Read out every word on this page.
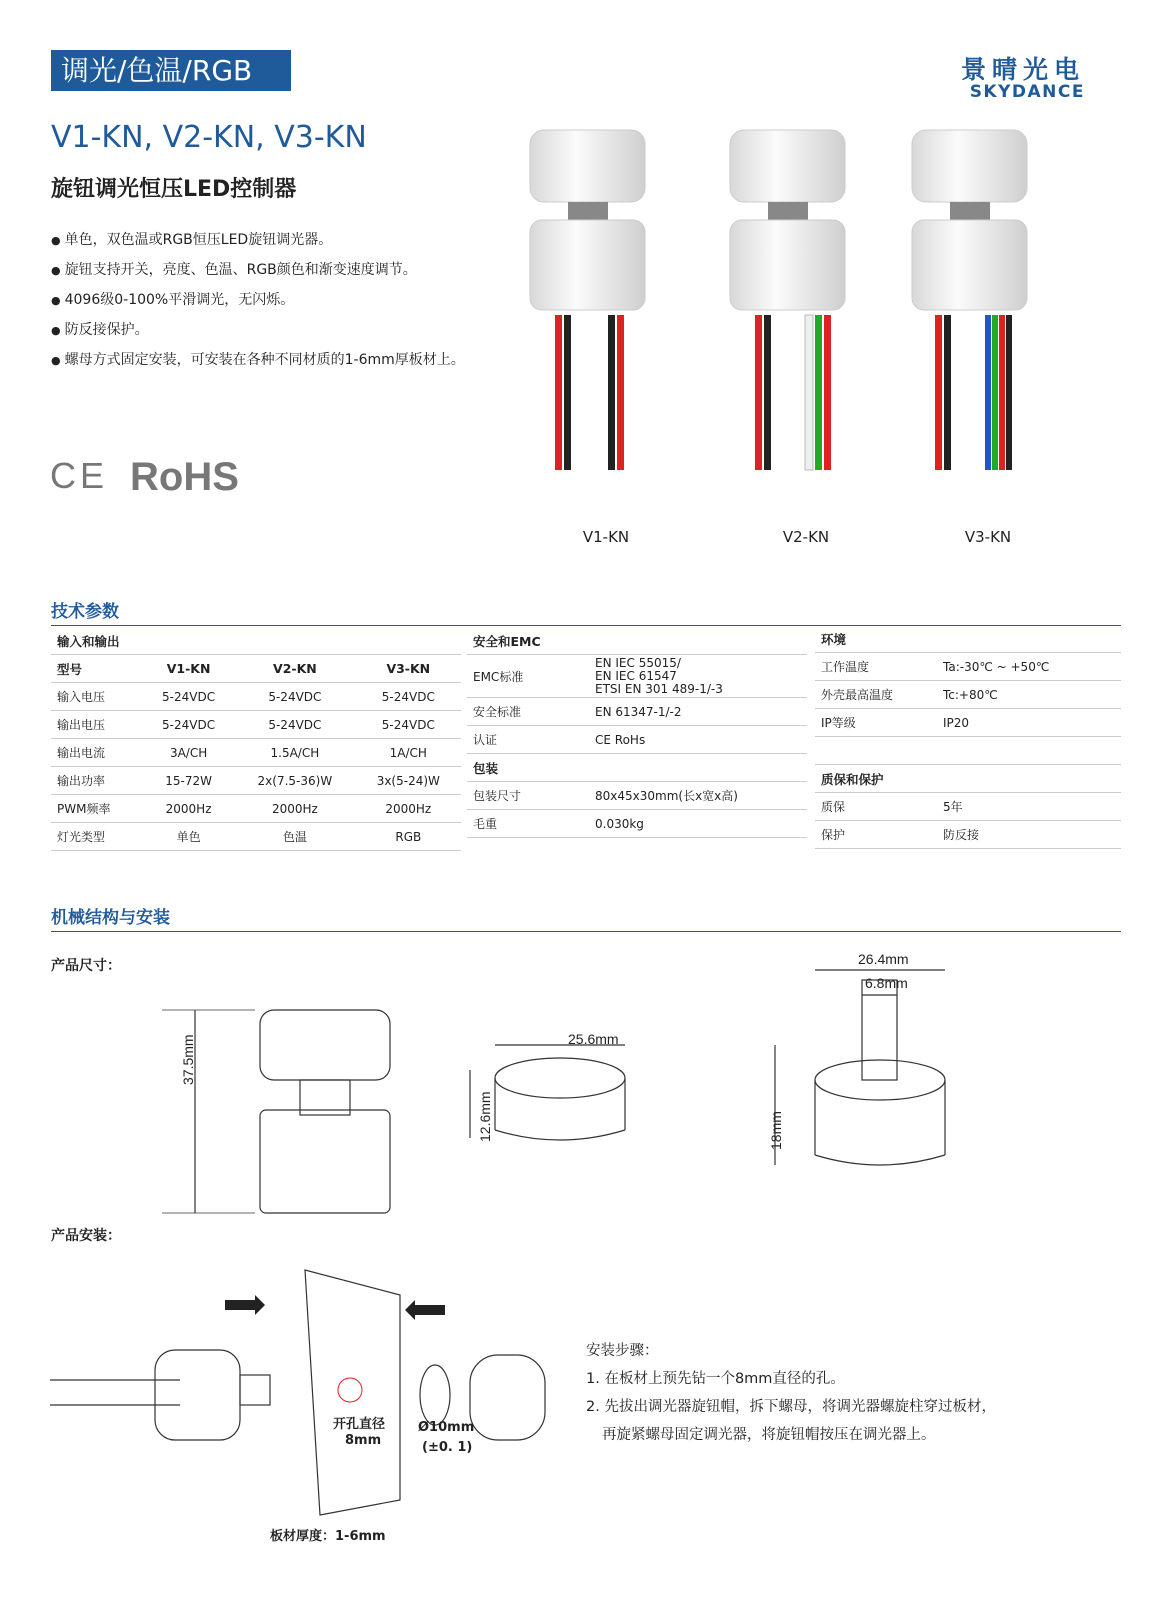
调光/色温/RGB	景晴光电
SKYDANCE
V1-KN, V2-KN, V3-KN
旋钮调光恒压LED控制器
● 单色，双色温或RGB恒压LED旋钮调光器。
● 旋钮支持开关，亮度、色温、RGB颜色和渐变速度调节。
● 4096级0-100%平滑调光，无闪烁。
● 防反接保护。
● 螺母方式固定安装，可安装在各种不同材质的1-6mm厚板材上。
CE RoHS
V1-KN	V2-KN	V3-KN
技术参数
输入和输出			
型号	V1-KN	V2-KN	V3-KN
输入电压	5-24VDC	5-24VDC	5-24VDC
输出电压	5-24VDC	5-24VDC	5-24VDC
输出电流	3A/CH	1.5A/CH	1A/CH
输出功率	15-72W	2x(7.5-36)W	3x(5-24)W
PWM频率	2000Hz	2000Hz	2000Hz
灯光类型	单色	色温	RGB
安全和EMC	
EMC标准	EN IEC 55015/
EN IEC 61547
ETSI EN 301 489-1/-3

安全标准	EN 61347-1/-2
认证	CE RoHs
包装	
包装尺寸	80x45x30mm(长x宽x高)
毛重	0.030kg
环境	
工作温度	Ta:-30℃ ~ +50℃
外壳最高温度	Tc:+80℃
IP等级	IP20

质保和保护	
质保	5年
保护	防反接
机械结构与安装
产品尺寸：
37.5mm	25.6mm
12.6mm
26.4mm
6.8mm
18mm
产品安装：
开孔直径
8mm
Ø10mm
(±0. 1)
板材厚度：1-6mm
安装步骤：
1. 在板材上预先钻一个8mm直径的孔。
2. 先拔出调光器旋钮帽，拆下螺母，将调光器螺旋柱穿过板材，
再旋紧螺母固定调光器，将旋钮帽按压在调光器上。
